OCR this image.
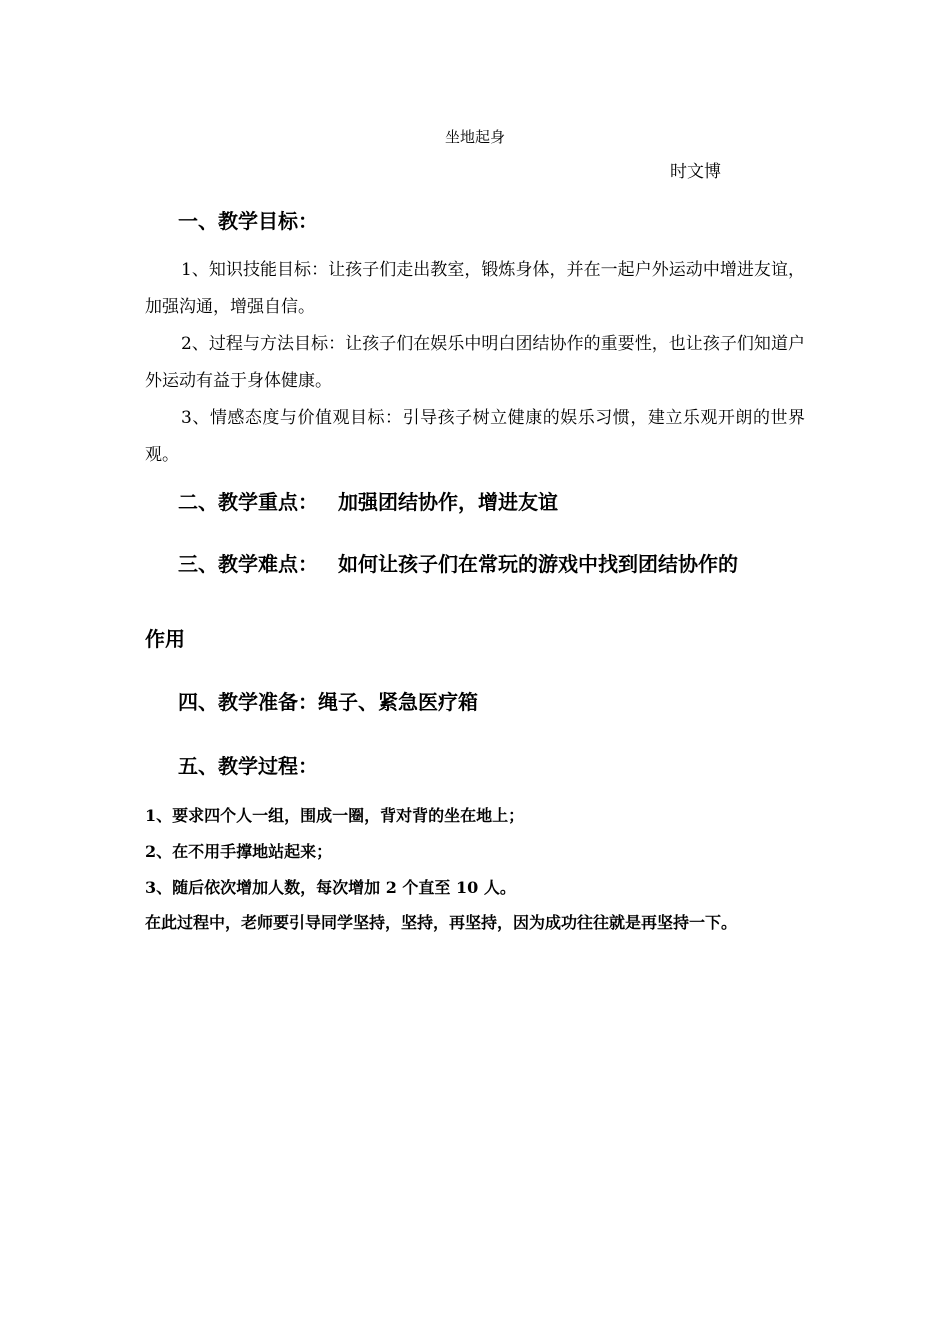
坐地起身
时文博
一、教学目标：
1、知识技能目标：让孩子们走出教室，锻炼身体，并在一起户外运动中增进友谊，加强沟通，增强自信。
2、过程与方法目标：让孩子们在娱乐中明白团结协作的重要性，也让孩子们知道户外运动有益于身体健康。
3、情感态度与价值观目标：引导孩子树立健康的娱乐习惯，建立乐观开朗的世界观。
二、教学重点： 加强团结协作，增进友谊
三、教学难点： 如何让孩子们在常玩的游戏中找到团结协作的
作用
四、教学准备：绳子、紧急医疗箱
五、教学过程：
1、要求四个人一组，围成一圈，背对背的坐在地上；
2、在不用手撑地站起来；
3、随后依次增加人数，每次增加 2 个直至 10 人。
在此过程中，老师要引导同学坚持，坚持，再坚持，因为成功往往就是再坚持一下。
